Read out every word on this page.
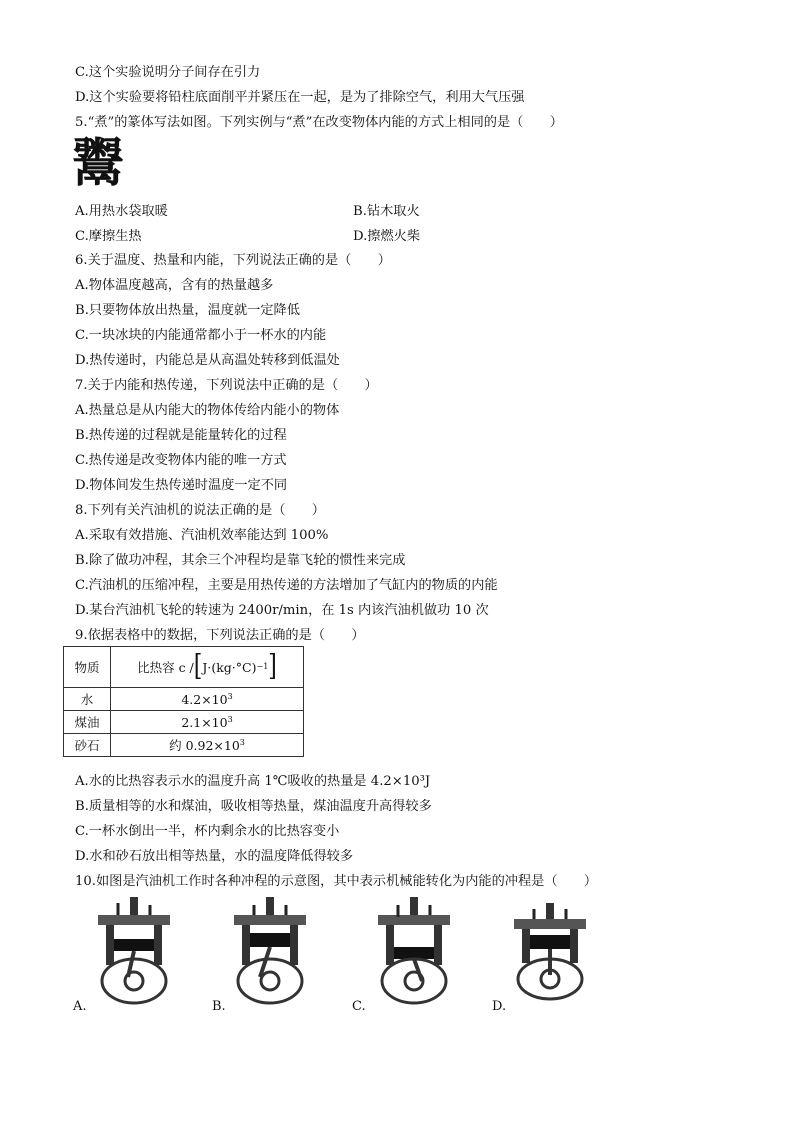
C.这个实验说明分子间存在引力
D.这个实验要将铅柱底面削平并紧压在一起，是为了排除空气，利用大气压强
5.“煮”的篆体写法如图。下列实例与“煮”在改变物体内能的方式上相同的是（　　）
鬻
A.用热水袋取暖	B.钻木取火
C.摩擦生热	D.擦燃火柴
6.关于温度、热量和内能，下列说法正确的是（　　）
A.物体温度越高，含有的热量越多
B.只要物体放出热量，温度就一定降低
C.一块冰块的内能通常都小于一杯水的内能
D.热传递时，内能总是从高温处转移到低温处
7.关于内能和热传递，下列说法中正确的是（　　）
A.热量总是从内能大的物体传给内能小的物体
B.热传递的过程就是能量转化的过程
C.热传递是改变物体内能的唯一方式
D.物体间发生热传递时温度一定不同
8.下列有关汽油机的说法正确的是（　　）
A.采取有效措施、汽油机效率能达到 100%
B.除了做功冲程，其余三个冲程均是靠飞轮的惯性来完成
C.汽油机的压缩冲程，主要是用热传递的方法增加了气缸内的物质的内能
D.某台汽油机飞轮的转速为 2400r/min，在 1s 内该汽油机做功 10 次
9.依据表格中的数据，下列说法正确的是（　　）
物质	比热容 c / [ J·(kg·°C) −1 ]

水	$4.2\times 10^3$
煤油	$2.1\times 10^3$
砂石	约 $0.92\times 10^3$
A.水的比热容表示水的温度升高 1℃吸收的热量是 4.2×10³J
B.质量相等的水和煤油，吸收相等热量，煤油温度升高得较多
C.一杯水倒出一半，杯内剩余水的比热容变小
D.水和砂石放出相等热量，水的温度降低得较多
10.如图是汽油机工作时各种冲程的示意图，其中表示机械能转化为内能的冲程是（　　）
A.	B.	C.	D.
